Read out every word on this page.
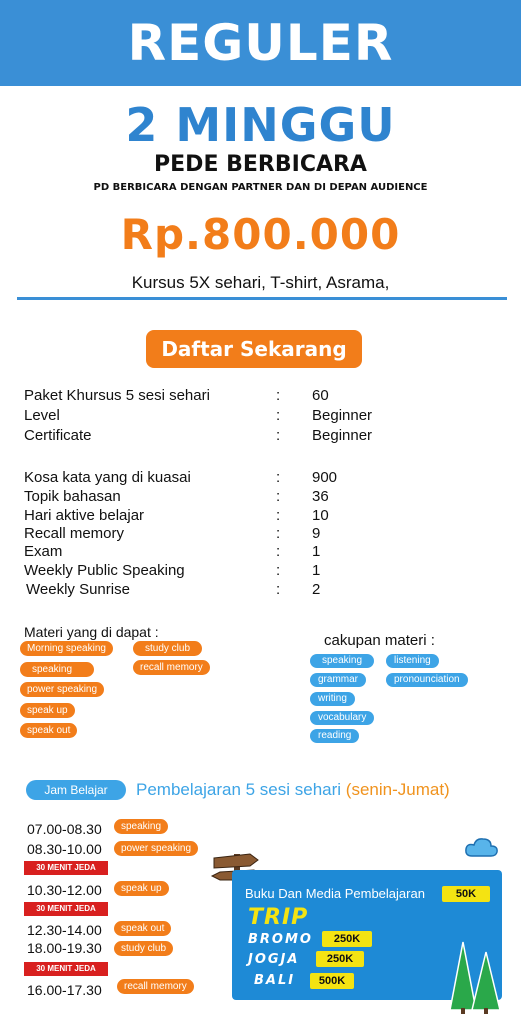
REGULER
2 MINGGU
PEDE BERBICARA
PD BERBICARA DENGAN PARTNER DAN DI DEPAN AUDIENCE
Rp.800.000
Kursus 5X sehari, T-shirt, Asrama,
Daftar Sekarang
Paket Khursus 5 sesi sehari	: 60
Level	: Beginner
Certificate	: Beginner
Kosa kata yang di kuasai	: 900
Topik bahasan	: 36
Hari aktive belajar	: 10
Recall memory	: 9
Exam	: 1
Weekly Public Speaking	: 1
Weekly Sunrise	: 2
Materi yang di dapat :
Morning speaking
speaking
power speaking
speak up
speak out
study club
recall memory
cakupan materi :
speaking	listening
grammar	pronounciation
writing
vocabulary
reading
Jam Belajar	Pembelajaran 5 sesi sehari (senin-Jumat)
07.00-08.30	speaking
08.30-10.00	power speaking
30 MENIT JEDA
10.30-12.00	speak up
30 MENIT JEDA
12.30-14.00	speak out
18.00-19.30	study club
30 MENIT JEDA
16.00-17.30	recall memory
Buku Dan Media Pembelajaran	50K
TRIP
BROMO	250K
JOGJA	250K
BALI	500K
